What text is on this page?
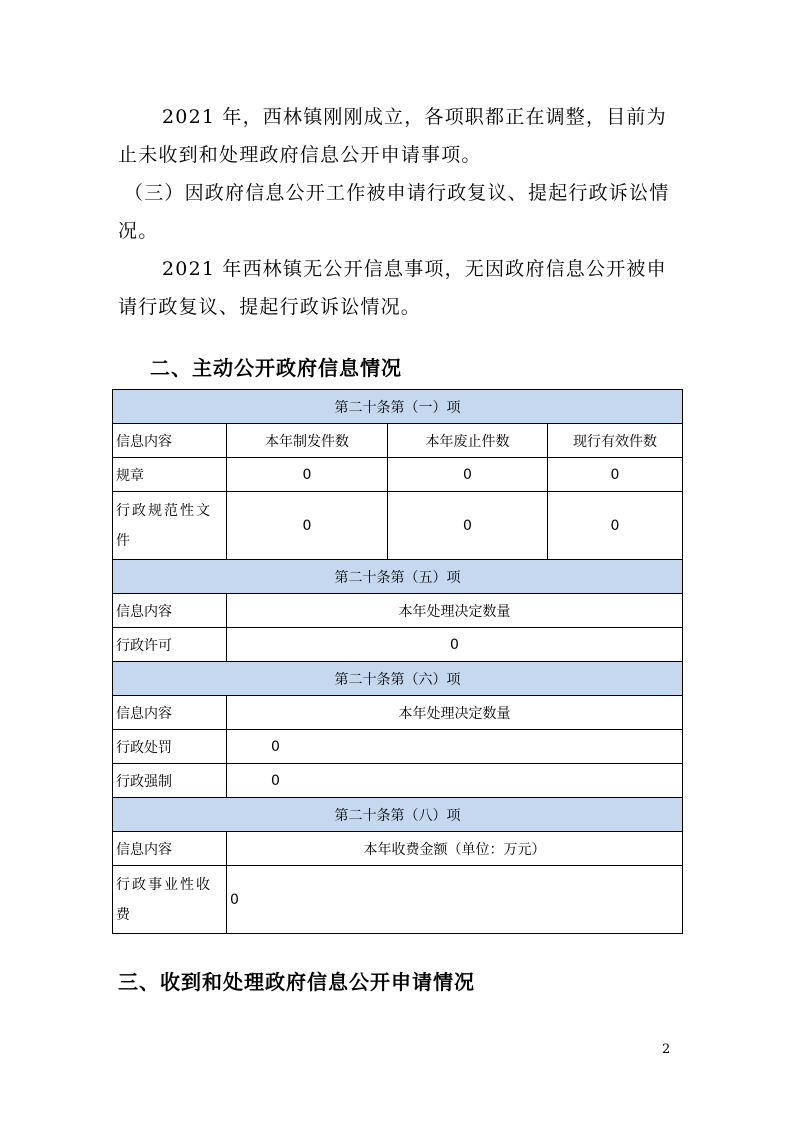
2021 年，西林镇刚刚成立，各项职都正在调整，目前为止未收到和处理政府信息公开申请事项。

（三）因政府信息公开工作被申请行政复议、提起行政诉讼情况。

2021 年西林镇无公开信息事项，无因政府信息公开被申请行政复议、提起行政诉讼情况。

二、主动公开政府信息情况
第二十条第（一）项			
信息内容	本年制发件数	本年废止件数	现行有效件数
规章	0	0	0
行政规范性文件	0	0	0
第二十条第（五）项			
信息内容	本年处理决定数量		
行政许可	0		
第二十条第（六）项			
信息内容	本年处理决定数量		
行政处罚	0		
行政强制	0		
第二十条第（八）项			
信息内容	本年收费金额（单位：万元）		
行政事业性收费	0		
三、收到和处理政府信息公开申请情况
2
